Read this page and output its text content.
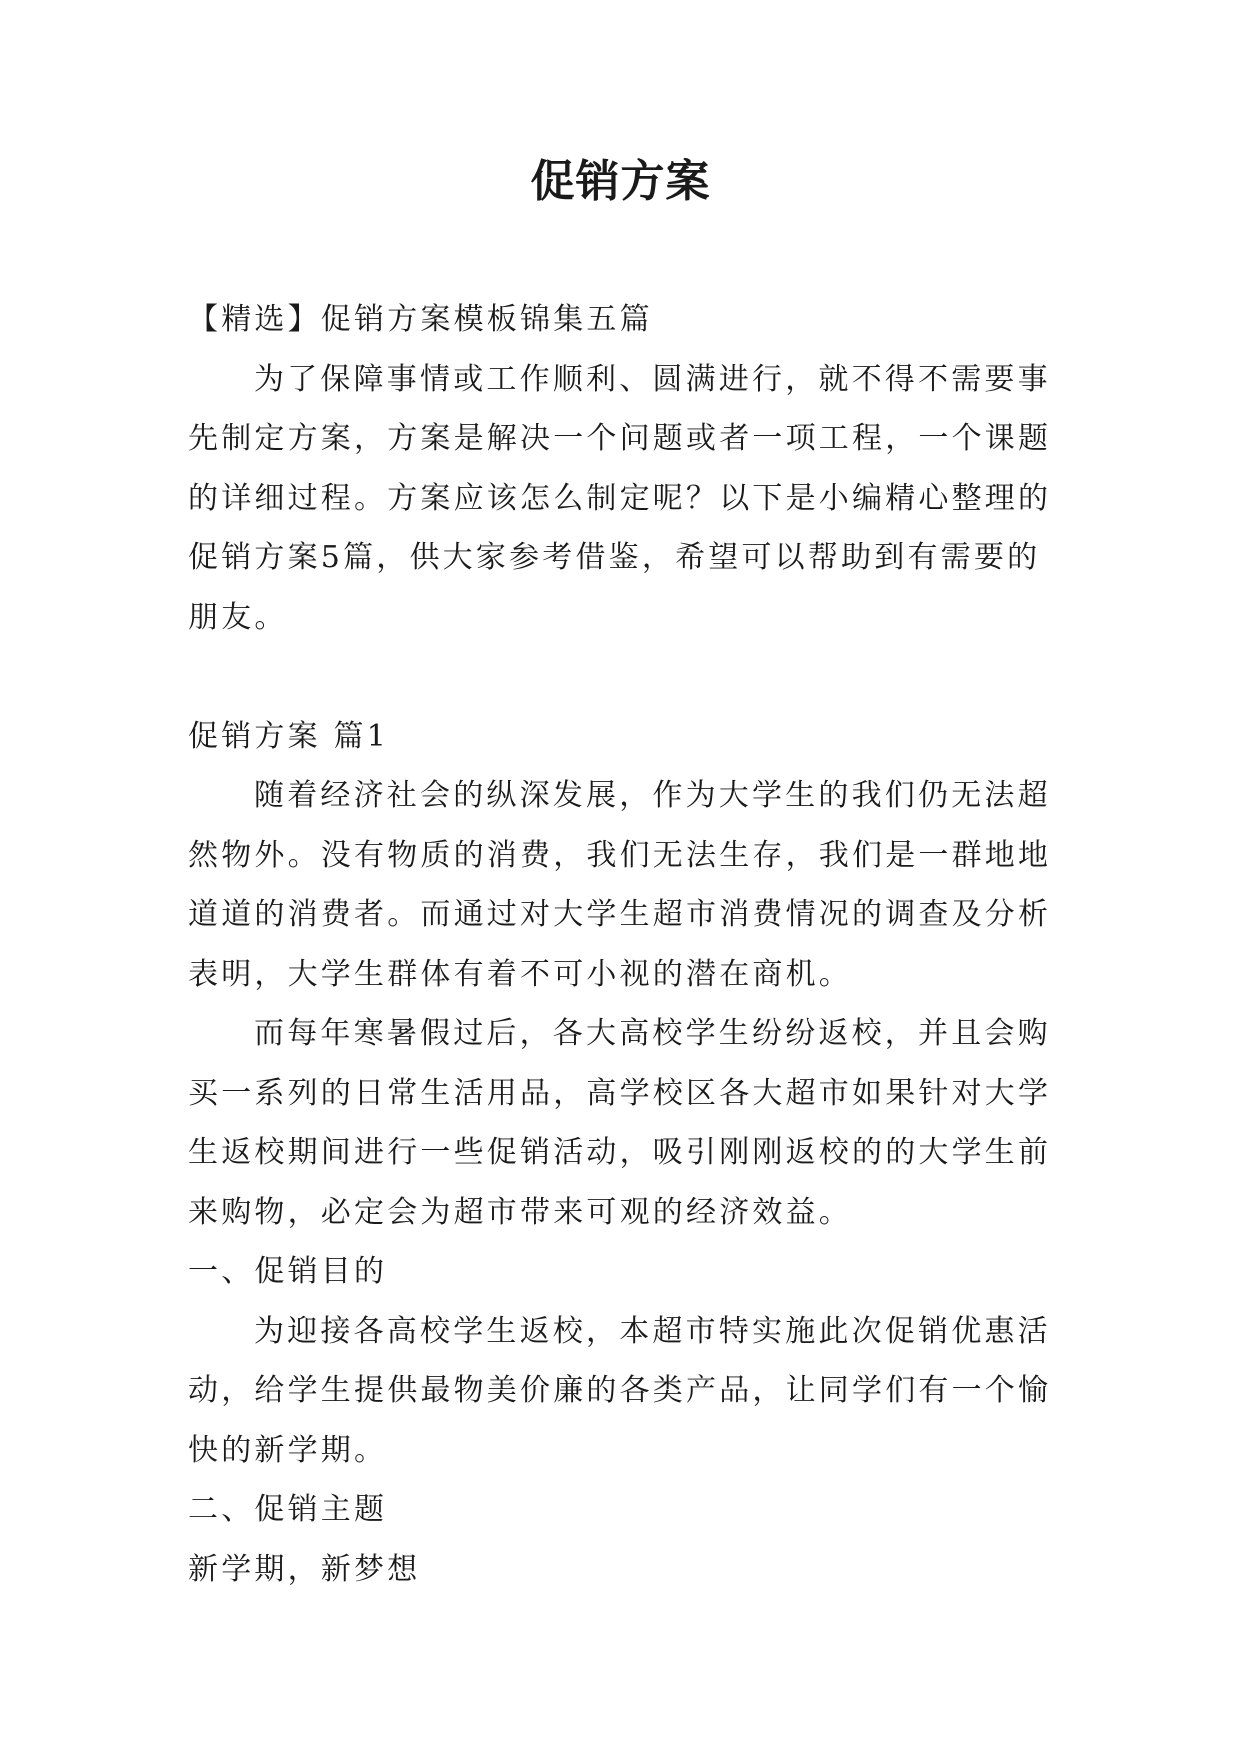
促销方案

【精选】促销方案模板锦集五篇

为了保障事情或工作顺利、圆满进行，就不得不需要事先制定方案，方案是解决一个问题或者一项工程，一个课题的详细过程。方案应该怎么制定呢？以下是小编精心整理的促销方案5篇，供大家参考借鉴，希望可以帮助到有需要的朋友。

促销方案 篇1

随着经济社会的纵深发展，作为大学生的我们仍无法超然物外。没有物质的消费，我们无法生存，我们是一群地地道道的消费者。而通过对大学生超市消费情况的调查及分析表明，大学生群体有着不可小视的潜在商机。

而每年寒暑假过后，各大高校学生纷纷返校，并且会购买一系列的日常生活用品，高学校区各大超市如果针对大学生返校期间进行一些促销活动，吸引刚刚返校的的大学生前来购物，必定会为超市带来可观的经济效益。

一、促销目的

为迎接各高校学生返校，本超市特实施此次促销优惠活动，给学生提供最物美价廉的各类产品，让同学们有一个愉快的新学期。

二、促销主题

新学期，新梦想
